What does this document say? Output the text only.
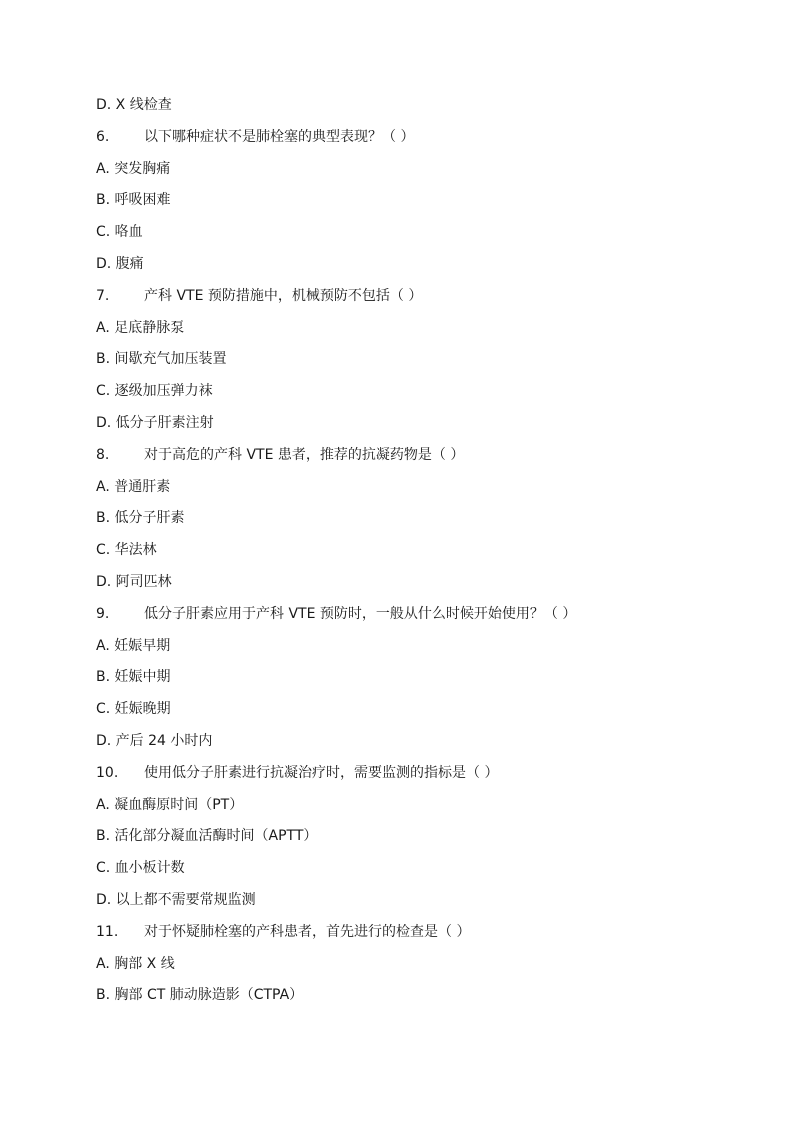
D. X 线检查
6. 以下哪种症状不是肺栓塞的典型表现？（ ）
A. 突发胸痛
B. 呼吸困难
C. 咯血
D. 腹痛
7. 产科 VTE 预防措施中，机械预防不包括（ ）
A. 足底静脉泵
B. 间歇充气加压装置
C. 逐级加压弹力袜
D. 低分子肝素注射
8. 对于高危的产科 VTE 患者，推荐的抗凝药物是（ ）
A. 普通肝素
B. 低分子肝素
C. 华法林
D. 阿司匹林
9. 低分子肝素应用于产科 VTE 预防时，一般从什么时候开始使用？（ ）
A. 妊娠早期
B. 妊娠中期
C. 妊娠晚期
D. 产后 24 小时内
10. 使用低分子肝素进行抗凝治疗时，需要监测的指标是（ ）
A. 凝血酶原时间（PT）
B. 活化部分凝血活酶时间（APTT）
C. 血小板计数
D. 以上都不需要常规监测
11. 对于怀疑肺栓塞的产科患者，首先进行的检查是（ ）
A. 胸部 X 线
B. 胸部 CT 肺动脉造影（CTPA）
